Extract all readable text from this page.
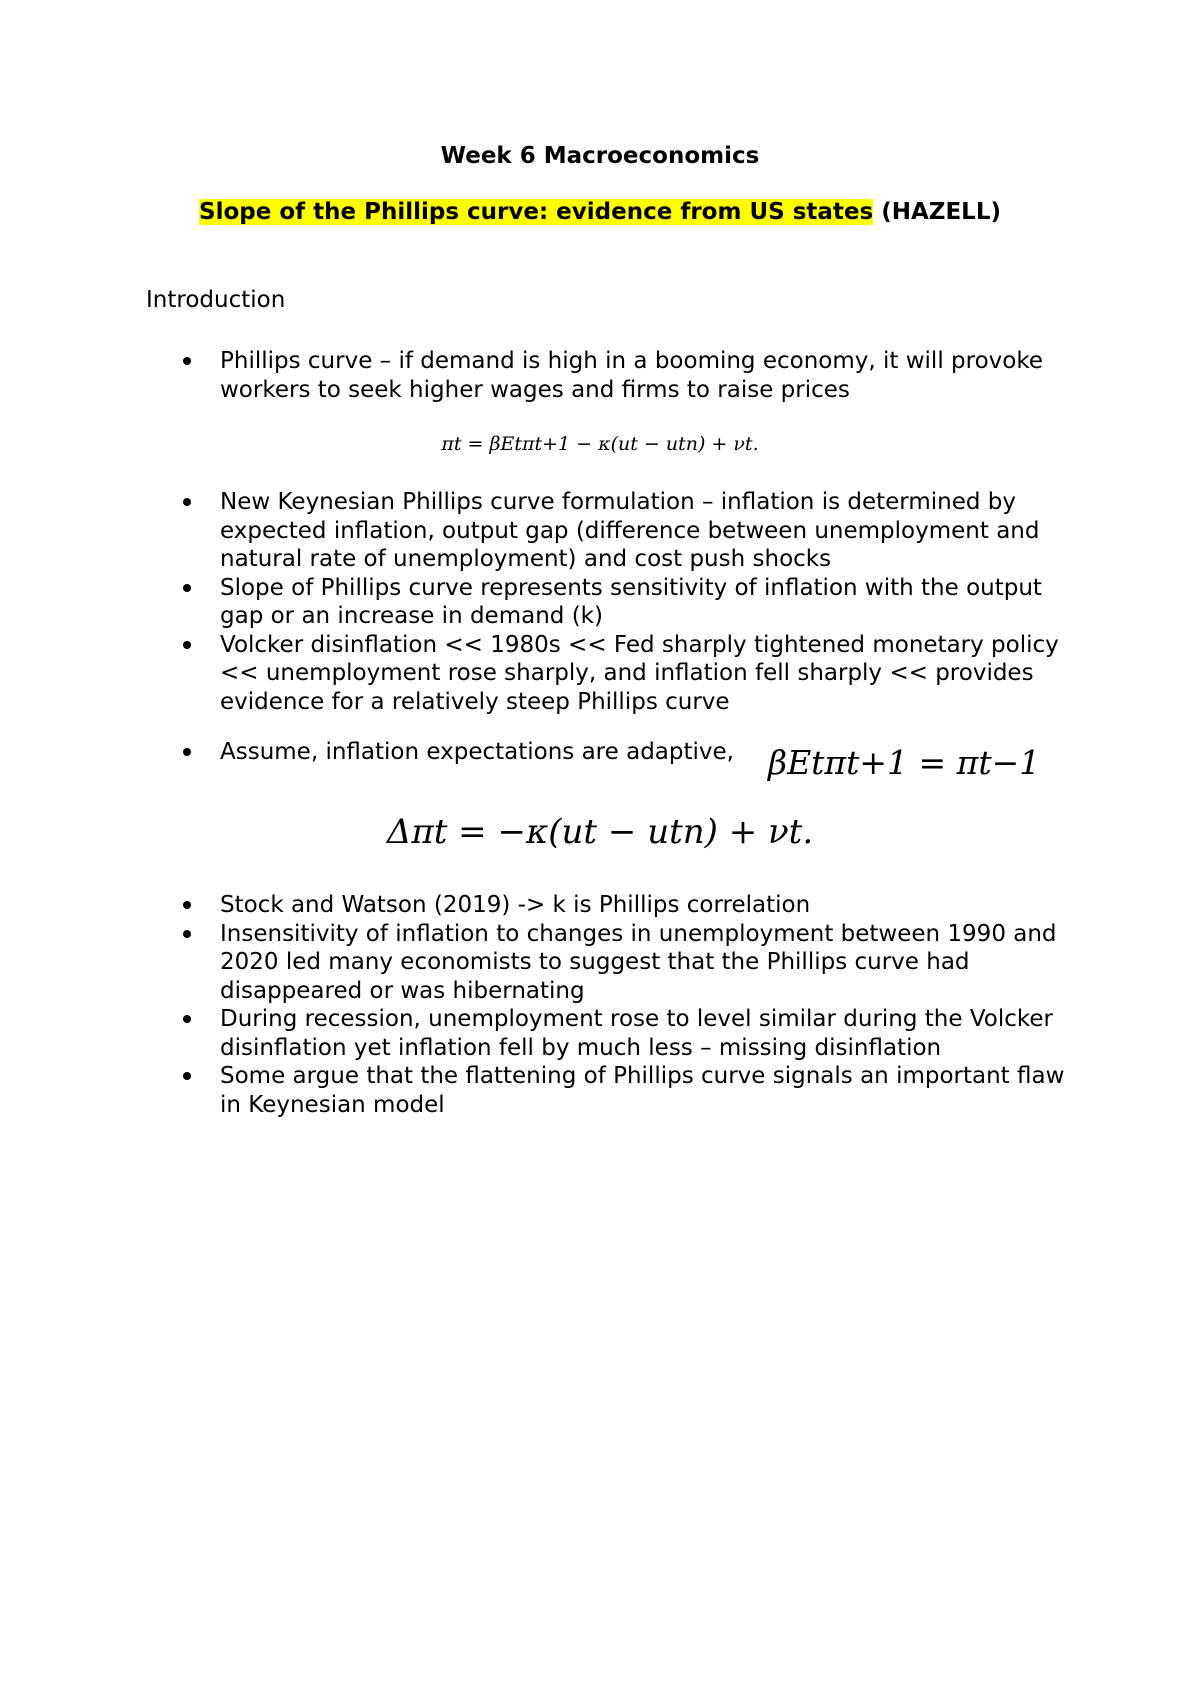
Week 6 Macroeconomics
Slope of the Phillips curve: evidence from US states (HAZELL)
Introduction
Phillips curve – if demand is high in a booming economy, it will provoke workers to seek higher wages and firms to raise prices
πt = βEtπt+1 − κ(ut − utn) + νt.
New Keynesian Phillips curve formulation – inflation is determined by expected inflation, output gap (difference between unemployment and natural rate of unemployment) and cost push shocks
Slope of Phillips curve represents sensitivity of inflation with the output gap or an increase in demand (k)
Volcker disinflation << 1980s << Fed sharply tightened monetary policy << unemployment rose sharply, and inflation fell sharply << provides evidence for a relatively steep Phillips curve
Assume, inflation expectations are adaptive,	βEtπt+1 = πt−1
Δπt = −κ(ut − utn) + νt.
Stock and Watson (2019) -> k is Phillips correlation
Insensitivity of inflation to changes in unemployment between 1990 and 2020 led many economists to suggest that the Phillips curve had disappeared or was hibernating
During recession, unemployment rose to level similar during the Volcker disinflation yet inflation fell by much less – missing disinflation
Some argue that the flattening of Phillips curve signals an important flaw in Keynesian model
